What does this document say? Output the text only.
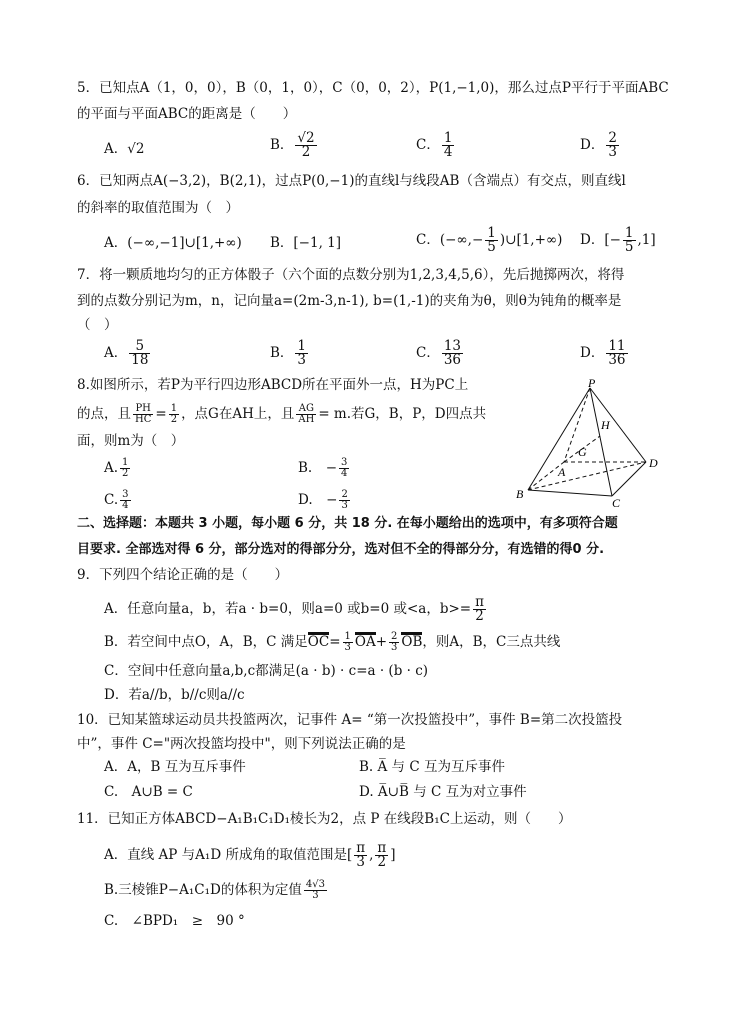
5．已知点A（1，0，0），B（0，1，0），C（0，0，2），P(1,−1,0)，那么过点P平行于平面ABC
的平面与平面ABC的距离是（　　）
A．√2	B． $\frac{√2}{2}$	C． $\frac{1}{4}$	D． $\frac{2}{3}$
6．已知两点A(−3,2)，B(2,1)，过点P(0,−1)的直线l与线段AB（含端点）有交点，则直线l
的斜率的取值范围为（　）
A．(−∞,−1]∪[1,+∞) B．[−1, 1]	C．(−∞,− $\frac{1}{5}$ )∪[1,+∞) D．[− $\frac{1}{5} ,1$]
7．将一颗质地均匀的正方体骰子（六个面的点数分别为1,2,3,4,5,6），先后抛掷两次，将得
到的点数分别记为m，n，记向量a=(2m-3,n-1), b=(1,-1)的夹角为θ，则θ为钝角的概率是
（　）
A． $\frac{5}{18}$	B． $\frac{1}{3}$	C． $\frac{13}{36}$	D． $\frac{11}{36}$
8.如图所示，若P为平行四边形ABCD所在平面外一点，H为PC上
的点，且 $\frac{PH}{HC} = \frac{1}{2}$ ，点G在AH上，且 $\frac{AG}{AH} = m$.若G，B，P，D四点共
面，则m为（　）
A. $\frac{1}{2}$	B.　− $\frac{3}{4}$
C. $\frac{3}{4}$	D.　− $\frac{2}{3}$
P
H
G
A
B
C
D
二、选择题：本题共 3 小题，每小题 6 分，共 18 分. 在每小题给出的选项中，有多项符合题
目要求. 全部选对得 6 分，部分选对的得部分分，选对但不全的得部分分，有选错的得0 分.
9．下列四个结论正确的是（　　）
A．任意向量a，b，若a · b=0，则a=0 或b=0 或<a，$b>= \frac{\pi}{2}$
B．若空间中点O，A，B，C 满足$OC= \frac{1}{3} OA+ \frac{2}{3}$ OB，则A，B，C三点共线
C．空间中任意向量a,b,c都满足(a · b) · c=a · (b · c)
D．若a//b，b//c则a//c
10．已知某篮球运动员共投篮两次，记事件 A= “第一次投篮投中”，事件 B=第二次投篮投
中”，事件 C="两次投篮均投中"，则下列说法正确的是
A．A，B 互为互斥事件	B. A̅ 与 C 互为互斥事件
C.　A∪B = C	D. A̅∪B̅ 与 C 互为对立事件
11．已知正方体ABCD−A₁B₁C₁D₁棱长为2，点 P 在线段B₁C上运动，则（　　）
A．直线 AP 与A₁D 所成角的取值范围是[ $\frac{\pi}{3}$ , $\frac{\pi}{2}$ ]
B.三棱锥P−A₁C₁D的体积为定值 $\frac{4√3}{3}$
C.　∠BPD₁　≥　90 °
